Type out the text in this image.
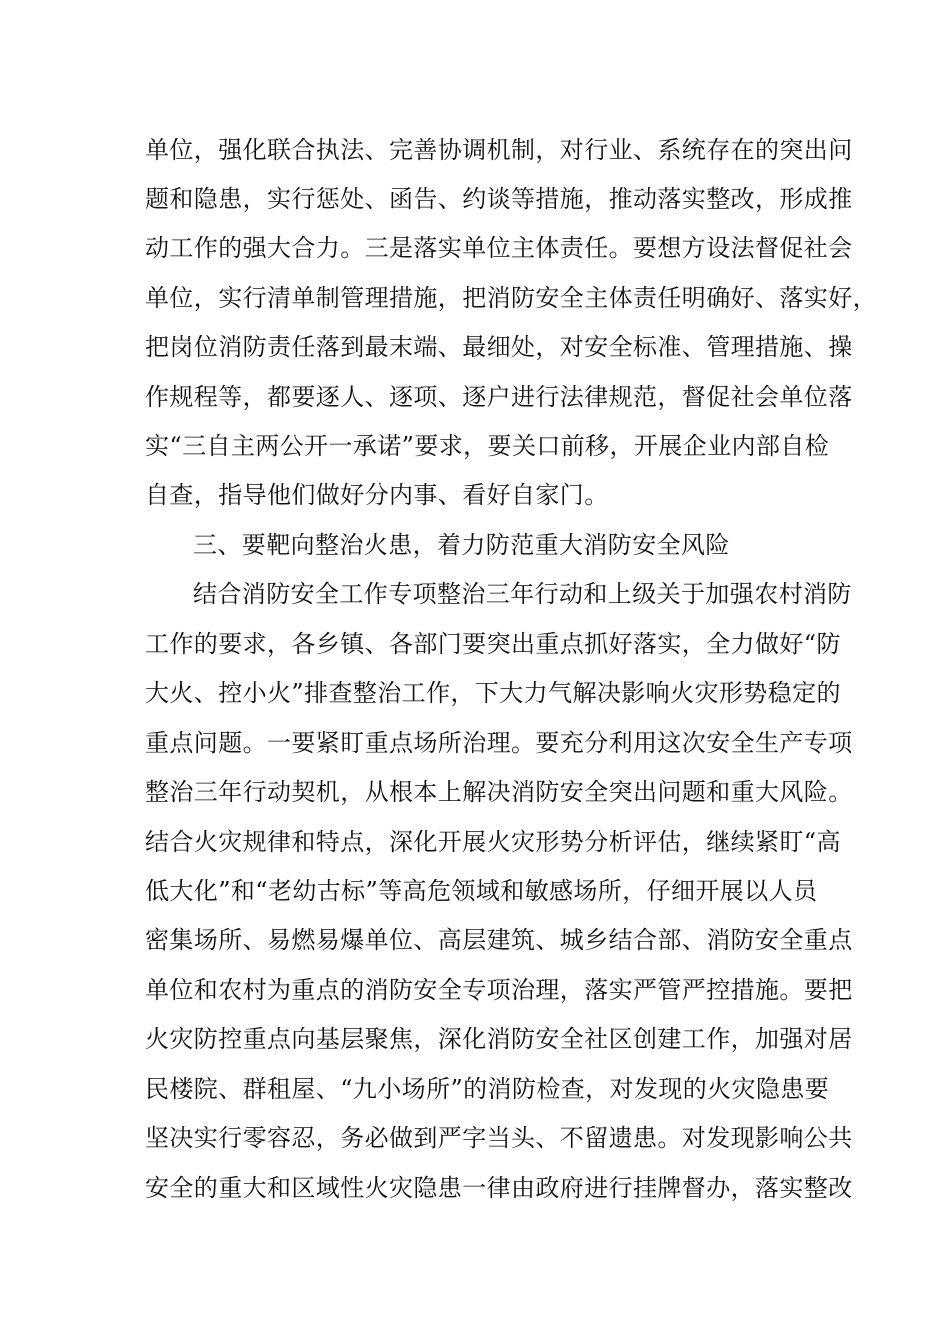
单位，强化联合执法、完善协调机制，对行业、系统存在的突出问
题和隐患，实行惩处、函告、约谈等措施，推动落实整改，形成推
动工作的强大合力。三是落实单位主体责任。要想方设法督促社会
单位，实行清单制管理措施，把消防安全主体责任明确好、落实好，
把岗位消防责任落到最末端、最细处，对安全标准、管理措施、操
作规程等，都要逐人、逐项、逐户进行法律规范，督促社会单位落
实“三自主两公开一承诺”要求，要关口前移，开展企业内部自检
自查，指导他们做好分内事、看好自家门。
三、要靶向整治火患，着力防范重大消防安全风险
结合消防安全工作专项整治三年行动和上级关于加强农村消防
工作的要求，各乡镇、各部门要突出重点抓好落实，全力做好“防
大火、控小火”排查整治工作，下大力气解决影响火灾形势稳定的
重点问题。一要紧盯重点场所治理。要充分利用这次安全生产专项
整治三年行动契机，从根本上解决消防安全突出问题和重大风险。
结合火灾规律和特点，深化开展火灾形势分析评估，继续紧盯“高
低大化”和“老幼古标”等高危领域和敏感场所，仔细开展以人员
密集场所、易燃易爆单位、高层建筑、城乡结合部、消防安全重点
单位和农村为重点的消防安全专项治理，落实严管严控措施。要把
火灾防控重点向基层聚焦，深化消防安全社区创建工作，加强对居
民楼院、群租屋、“九小场所”的消防检查，对发现的火灾隐患要
坚决实行零容忍，务必做到严字当头、不留遗患。对发现影响公共
安全的重大和区域性火灾隐患一律由政府进行挂牌督办，落实整改
